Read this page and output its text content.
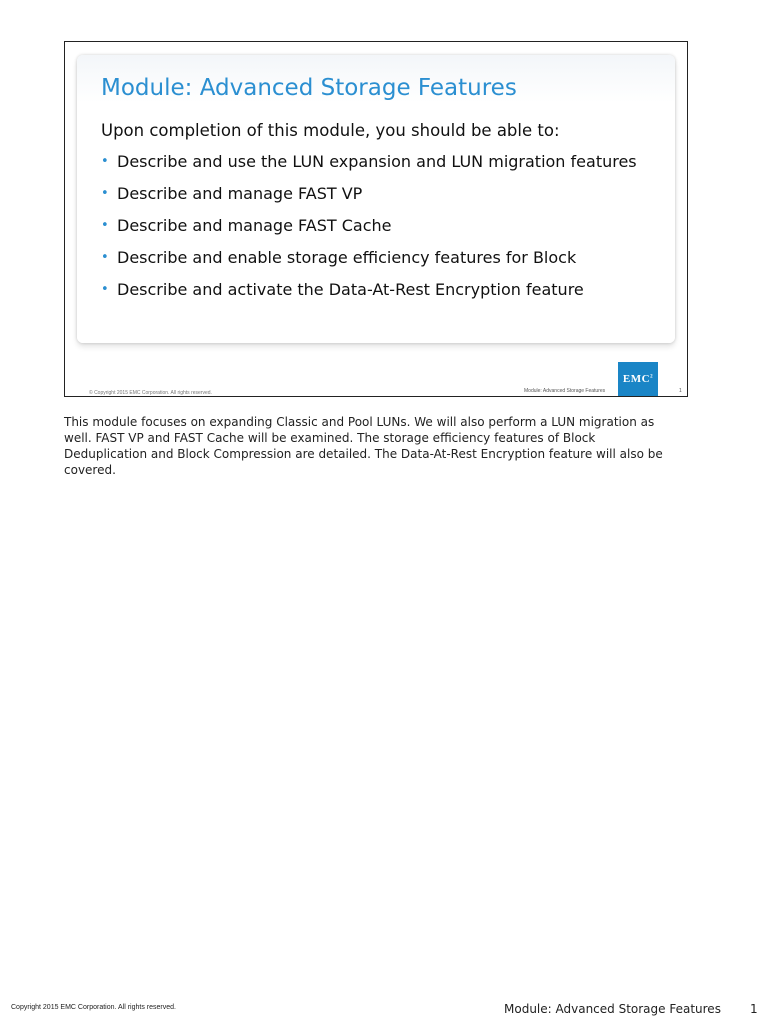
Module: Advanced Storage Features
Upon completion of this module, you should be able to:
• Describe and use the LUN expansion and LUN migration features
• Describe and manage FAST VP
• Describe and manage FAST Cache
• Describe and enable storage efficiency features for Block
• Describe and activate the Data-At-Rest Encryption feature
EMC$^2$
© Copyright 2015 EMC Corporation. All rights reserved.	Module: Advanced Storage Features	1

This module focuses on expanding Classic and Pool LUNs. We will also perform a LUN migration as well. FAST VP and FAST Cache will be examined. The storage efficiency features of Block Deduplication and Block Compression are detailed. The Data-At-Rest Encryption feature will also be covered.

Copyright 2015 EMC Corporation. All rights reserved.	Module: Advanced Storage Features 1
